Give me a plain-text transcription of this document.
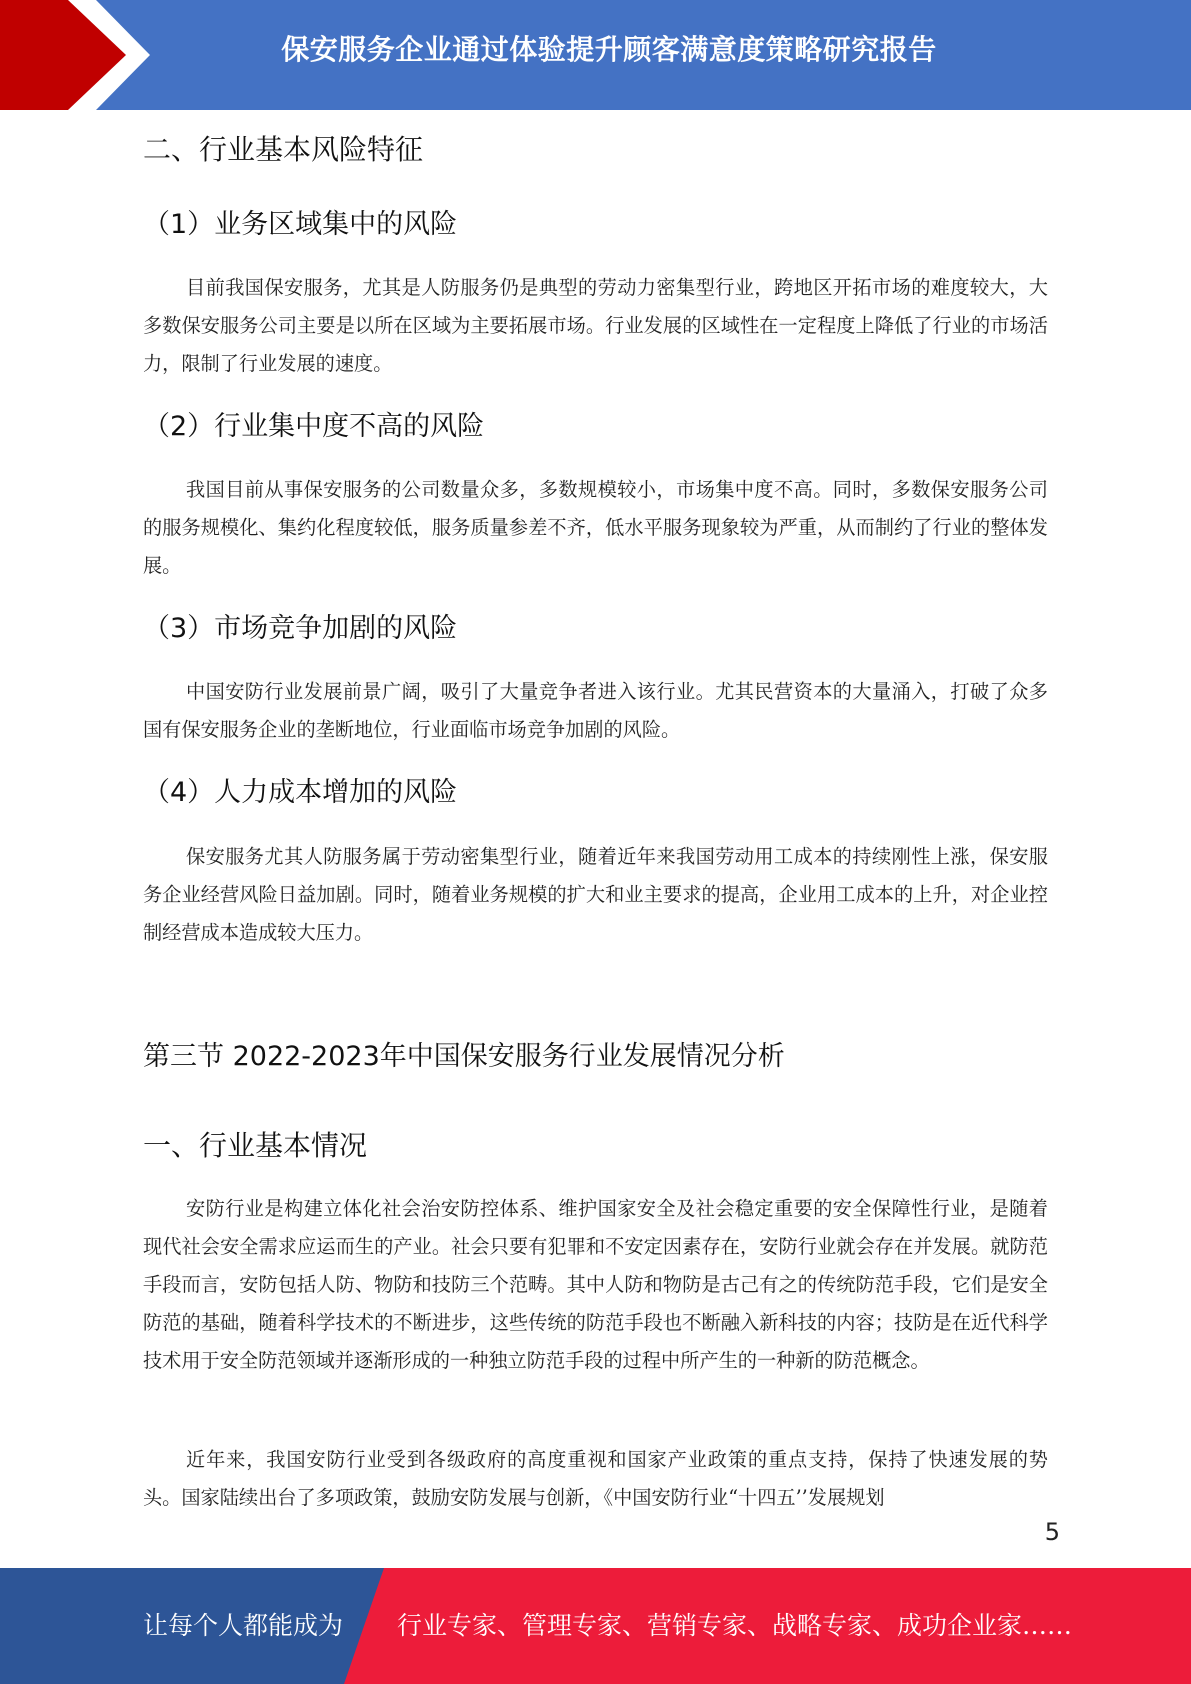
保安服务企业通过体验提升顾客满意度策略研究报告
二、行业基本风险特征
（1）业务区域集中的风险
目前我国保安服务，尤其是人防服务仍是典型的劳动力密集型行业，跨地区开拓市场的难度较大，大多数保安服务公司主要是以所在区域为主要拓展市场。行业发展的区域性在一定程度上降低了行业的市场活力，限制了行业发展的速度。
（2）行业集中度不高的风险
我国目前从事保安服务的公司数量众多，多数规模较小，市场集中度不高。同时，多数保安服务公司的服务规模化、集约化程度较低，服务质量参差不齐，低水平服务现象较为严重，从而制约了行业的整体发展。
（3）市场竞争加剧的风险
中国安防行业发展前景广阔，吸引了大量竞争者进入该行业。尤其民营资本的大量涌入，打破了众多国有保安服务企业的垄断地位，行业面临市场竞争加剧的风险。
（4）人力成本增加的风险
保安服务尤其人防服务属于劳动密集型行业，随着近年来我国劳动用工成本的持续刚性上涨，保安服务企业经营风险日益加剧。同时，随着业务规模的扩大和业主要求的提高，企业用工成本的上升，对企业控制经营成本造成较大压力。
第三节 2022-2023年中国保安服务行业发展情况分析
一、行业基本情况
安防行业是构建立体化社会治安防控体系、维护国家安全及社会稳定重要的安全保障性行业，是随着现代社会安全需求应运而生的产业。社会只要有犯罪和不安定因素存在，安防行业就会存在并发展。就防范手段而言，安防包括人防、物防和技防三个范畴。其中人防和物防是古己有之的传统防范手段，它们是安全防范的基础，随着科学技术的不断进步，这些传统的防范手段也不断融入新科技的内容；技防是在近代科学技术用于安全防范领域并逐渐形成的一种独立防范手段的过程中所产生的一种新的防范概念。
近年来，我国安防行业受到各级政府的高度重视和国家产业政策的重点支持，保持了快速发展的势头。国家陆续出台了多项政策，鼓励安防发展与创新，《中国安防行业“十四五’’发展规划
5
让每个人都能成为 行业专家、管理专家、营销专家、战略专家、成功企业家……
